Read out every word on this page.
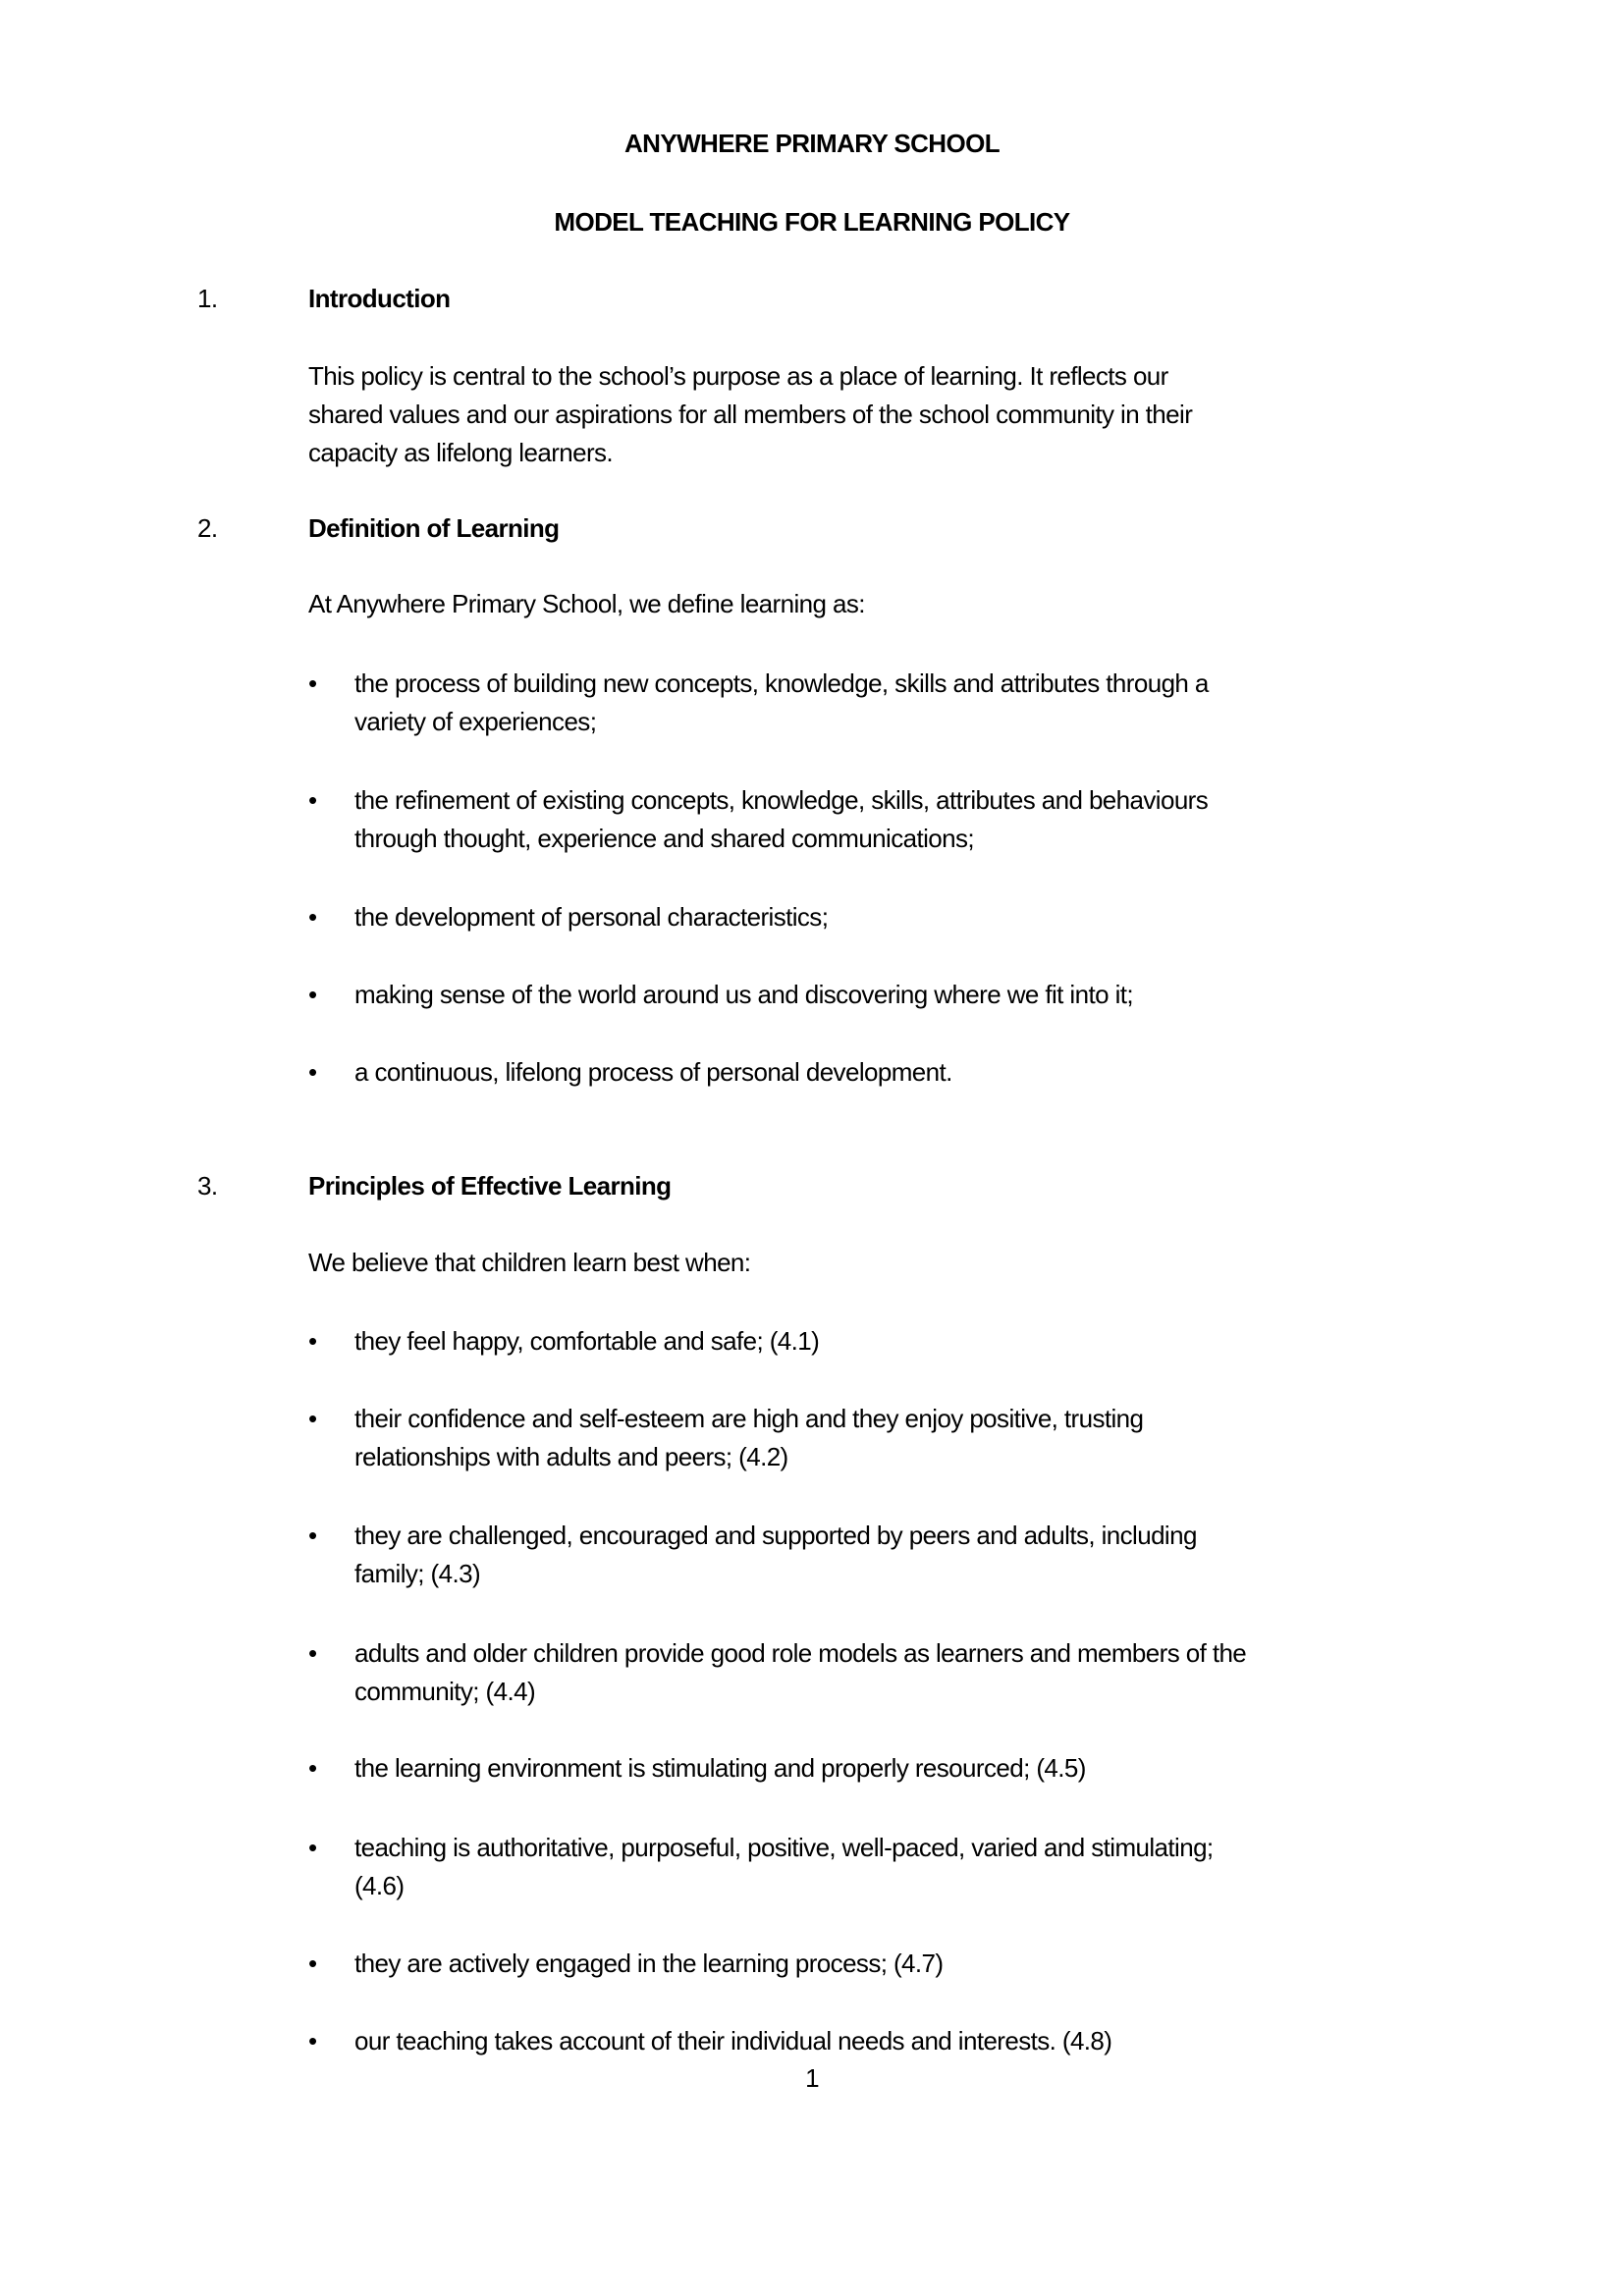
ANYWHERE PRIMARY SCHOOL
MODEL TEACHING FOR LEARNING POLICY
1.	Introduction
This policy is central to the school’s purpose as a place of learning. It reflects our
shared values and our aspirations for all members of the school community in their
capacity as lifelong learners.
2.	Definition of Learning
At Anywhere Primary School, we define learning as:
• the process of building new concepts, knowledge, skills and attributes through a
variety of experiences;
• the refinement of existing concepts, knowledge, skills, attributes and behaviours
through thought, experience and shared communications;
• the development of personal characteristics;
• making sense of the world around us and discovering where we fit into it;
• a continuous, lifelong process of personal development.
3.	Principles of Effective Learning
We believe that children learn best when:
• they feel happy, comfortable and safe; (4.1)
• their confidence and self-esteem are high and they enjoy positive, trusting
relationships with adults and peers; (4.2)
• they are challenged, encouraged and supported by peers and adults, including
family; (4.3)
• adults and older children provide good role models as learners and members of the
community; (4.4)
• the learning environment is stimulating and properly resourced; (4.5)
• teaching is authoritative, purposeful, positive, well-paced, varied and stimulating;
(4.6)
• they are actively engaged in the learning process; (4.7)
• our teaching takes account of their individual needs and interests. (4.8)
1
